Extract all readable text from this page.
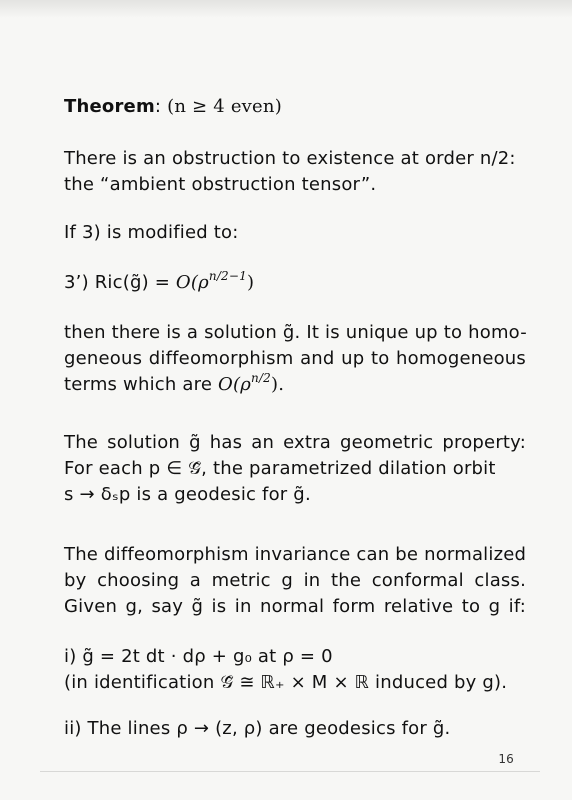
Theorem: (n ≥ 4 even)
There is an obstruction to existence at order n/2:
the “ambient obstruction tensor”.
If 3) is modified to:
3’) Ric(g̃) = $O(\rho^{n/2-1})$
then there is a solution g̃. It is unique up to homo-
geneous diffeomorphism and up to homogeneous
terms which are $O(\rho^{n/2})$.
The solution g̃ has an extra geometric property:
For each p ∈ 𝒢̃, the parametrized dilation orbit
s → δₛp is a geodesic for g̃.
The diffeomorphism invariance can be normalized
by choosing a metric g in the conformal class.
Given g, say g̃ is in normal form relative to g if:
i) g̃ = 2t dt · dρ + g₀ at ρ = 0
(in identification 𝒢̃ ≅ ℝ₊ × M × ℝ induced by g).
ii) The lines ρ → (z, ρ) are geodesics for g̃.
16
